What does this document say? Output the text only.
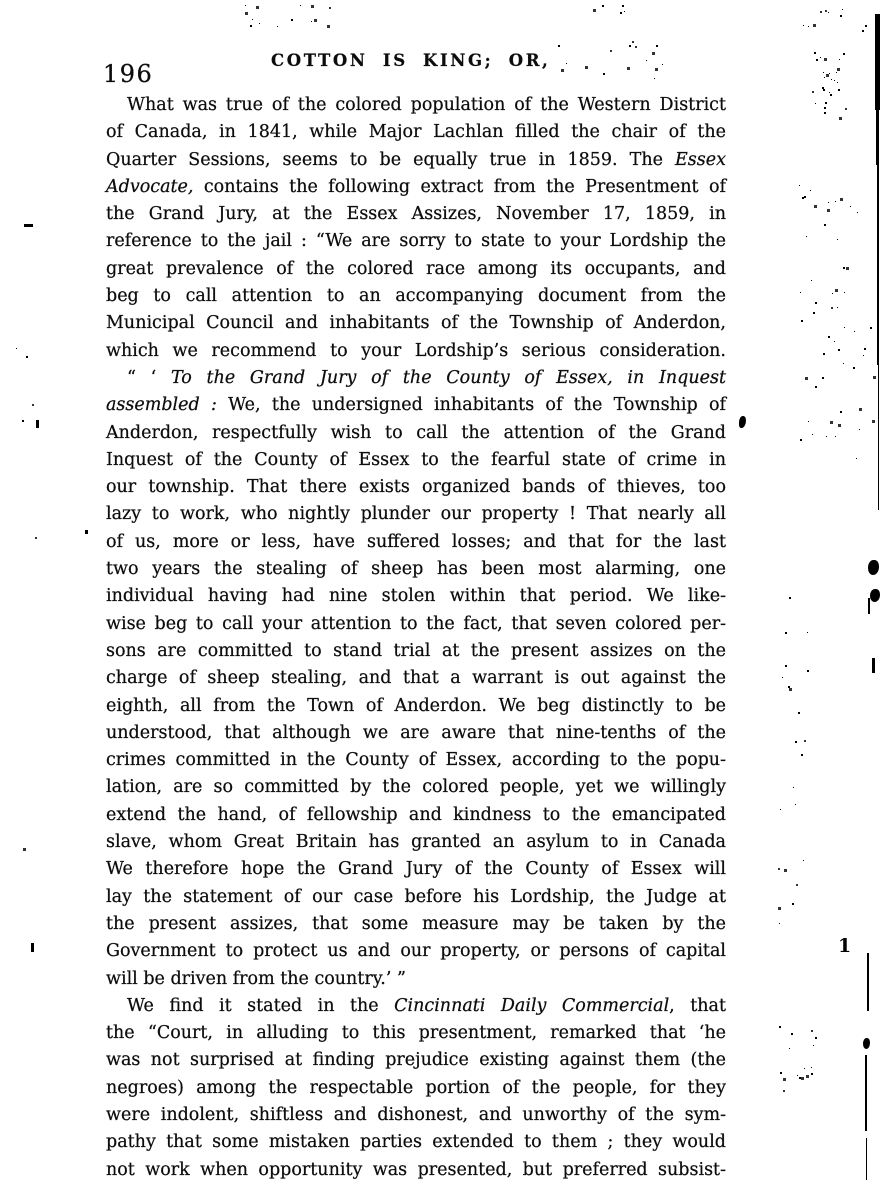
196	COTTON IS KING; OR,
What was true of the colored population of the Western District
of Canada, in 1841, while Major Lachlan filled the chair of the
Quarter Sessions, seems to be equally true in 1859. The Essex
Advocate, contains the following extract from the Presentment of
the Grand Jury, at the Essex Assizes, November 17, 1859, in
reference to the jail : “We are sorry to state to your Lordship the
great prevalence of the colored race among its occupants, and
beg to call attention to an accompanying document from the
Municipal Council and inhabitants of the Township of Anderdon,
which we recommend to your Lordship’s serious consideration.
“ ‘ To the Grand Jury of the County of Essex, in Inquest
assembled : We, the undersigned inhabitants of the Township of
Anderdon, respectfully wish to call the attention of the Grand
Inquest of the County of Essex to the fearful state of crime in
our township. That there exists organized bands of thieves, too
lazy to work, who nightly plunder our property ! That nearly all
of us, more or less, have suffered losses; and that for the last
two years the stealing of sheep has been most alarming, one
individual having had nine stolen within that period. We like-
wise beg to call your attention to the fact, that seven colored per-
sons are committed to stand trial at the present assizes on the
charge of sheep stealing, and that a warrant is out against the
eighth, all from the Town of Anderdon. We beg distinctly to be
understood, that although we are aware that nine-tenths of the
crimes committed in the County of Essex, according to the popu-
lation, are so committed by the colored people, yet we willingly
extend the hand, of fellowship and kindness to the emancipated
slave, whom Great Britain has granted an asylum to in Canada
We therefore hope the Grand Jury of the County of Essex will
lay the statement of our case before his Lordship, the Judge at
the present assizes, that some measure may be taken by the
Government to protect us and our property, or persons of capital
will be driven from the country.’ ”
We find it stated in the Cincinnati Daily Commercial, that
the “Court, in alluding to this presentment, remarked that ‘he
was not surprised at finding prejudice existing against them (the
negroes) among the respectable portion of the people, for they
were indolent, shiftless and dishonest, and unworthy of the sym-
pathy that some mistaken parties extended to them ; they would
not work when opportunity was presented, but preferred subsist-
1
